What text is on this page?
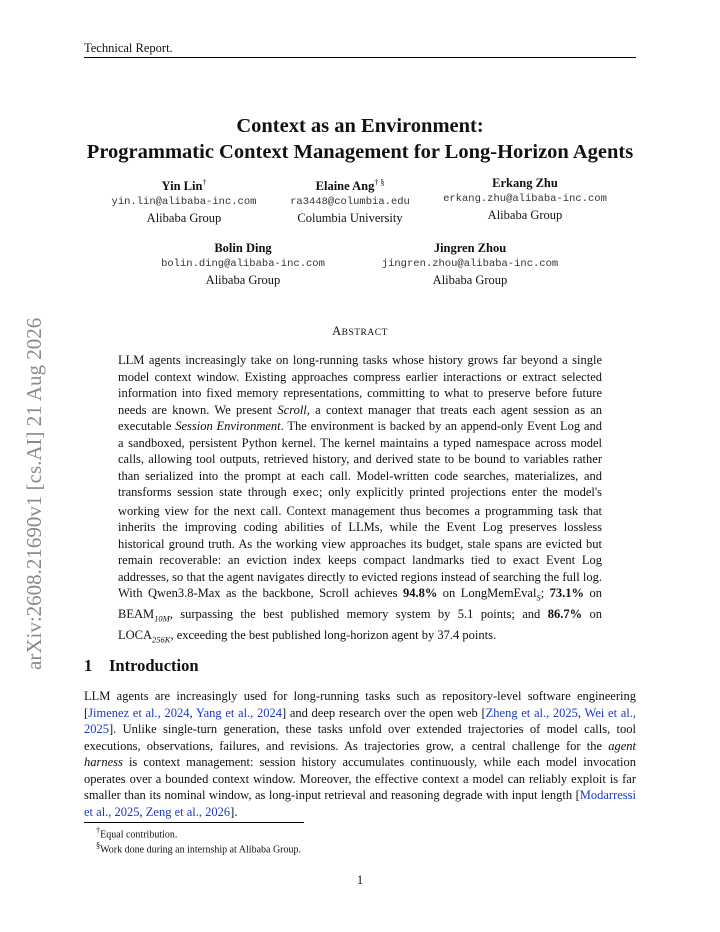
Technical Report.
arXiv:2608.21690v1 [cs.AI] 21 Aug 2026
Context as an Environment:
Programmatic Context Management for Long-Horizon Agents
Yin Lin†
yin.lin@alibaba-inc.com
Alibaba Group
Elaine Ang† §
ra3448@columbia.edu
Columbia University
Erkang Zhu
erkang.zhu@alibaba-inc.com
Alibaba Group
Bolin Ding
bolin.ding@alibaba-inc.com
Alibaba Group
Jingren Zhou
jingren.zhou@alibaba-inc.com
Alibaba Group
ABSTRACT
LLM agents increasingly take on long-running tasks whose history grows far beyond a single model context window. Existing approaches compress earlier interactions or extract selected information into fixed memory representations, committing to what to preserve before future needs are known. We present Scroll, a context manager that treats each agent session as an executable Session Environment. The environment is backed by an append-only Event Log and a sandboxed, persistent Python kernel. The kernel maintains a typed namespace across model calls, allowing tool outputs, retrieved history, and derived state to be bound to variables rather than serialized into the prompt at each call. Model-written code searches, materializes, and transforms session state through exec; only explicitly printed projections enter the model's working view for the next call. Context management thus becomes a programming task that inherits the improving coding abilities of LLMs, while the Event Log preserves lossless historical ground truth. As the working view approaches its budget, stale spans are evicted but remain recoverable: an eviction index keeps compact landmarks tied to exact Event Log addresses, so that the agent navigates directly to evicted regions instead of searching the full log. With Qwen3.8-Max as the backbone, Scroll achieves 94.8% on LongMemEval$_S$; 73.1% on $BEAM_{10M}$, surpassing the best published memory system by 5.1 points; and 86.7% on $LOCA_{256K}$, exceeding the best published long-horizon agent by 37.4 points.
1 Introduction
LLM agents are increasingly used for long-running tasks such as repository-level software engineering [Jimenez et al., 2024, Yang et al., 2024] and deep research over the open web [Zheng et al., 2025, Wei et al., 2025]. Unlike single-turn generation, these tasks unfold over extended trajectories of model calls, tool executions, observations, failures, and revisions. As trajectories grow, a central challenge for the agent harness is context management: session history accumulates continuously, while each model invocation operates over a bounded context window. Moreover, the effective context a model can reliably exploit is far smaller than its nominal window, as long-input retrieval and reasoning degrade with input length [Modarressi et al., 2025, Zeng et al., 2026].
†Equal contribution.
§Work done during an internship at Alibaba Group.
1
